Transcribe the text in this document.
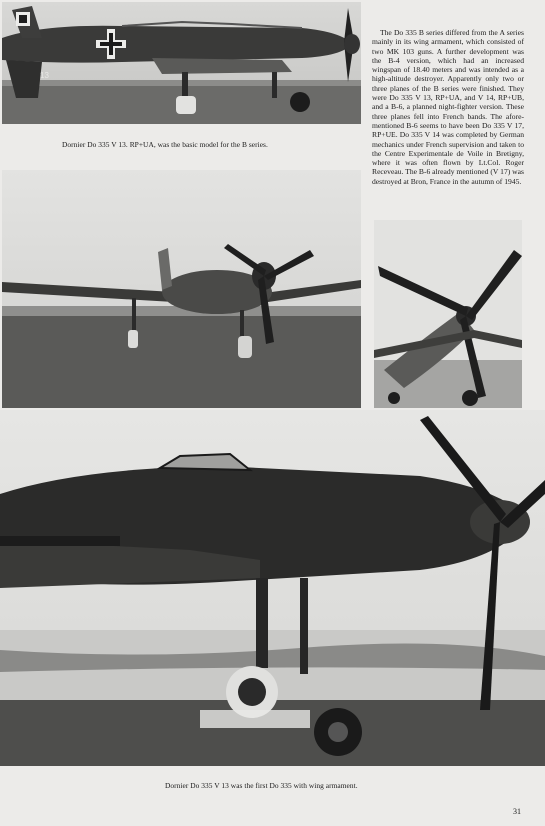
13
Dornier Do 335 V 13. RP+UA, was the basic model for the B series.
The Do 335 B series differed from the A series mainly in its wing armament, which consisted of two MK 103 guns. A further development was the B-4 version, which had an increased wingspan of 18.40 meters and was intended as a high-altitude destroyer. Apparently only two or three planes of the B series were finished. They were Do 335 V 13, RP+UA, and V 14, RP+UB, and a B-6, a planned night-fighter version. These three planes fell into French bands. The afore-mentioned B-6 seems to have been Do 335 V 17, RP+UE. Do 335 V 14 was completed by German mechanics under French supervision and taken to the Centre Experimentale de Voile in Bretigny, where it was often flown by Lt.Col. Roger Receveau. The B-6 already mentioned (V 17) was destroyed at Bron, France in the autumn of 1945.
Dornier Do 335 V 13 was the first Do 335 with wing armament.
31
